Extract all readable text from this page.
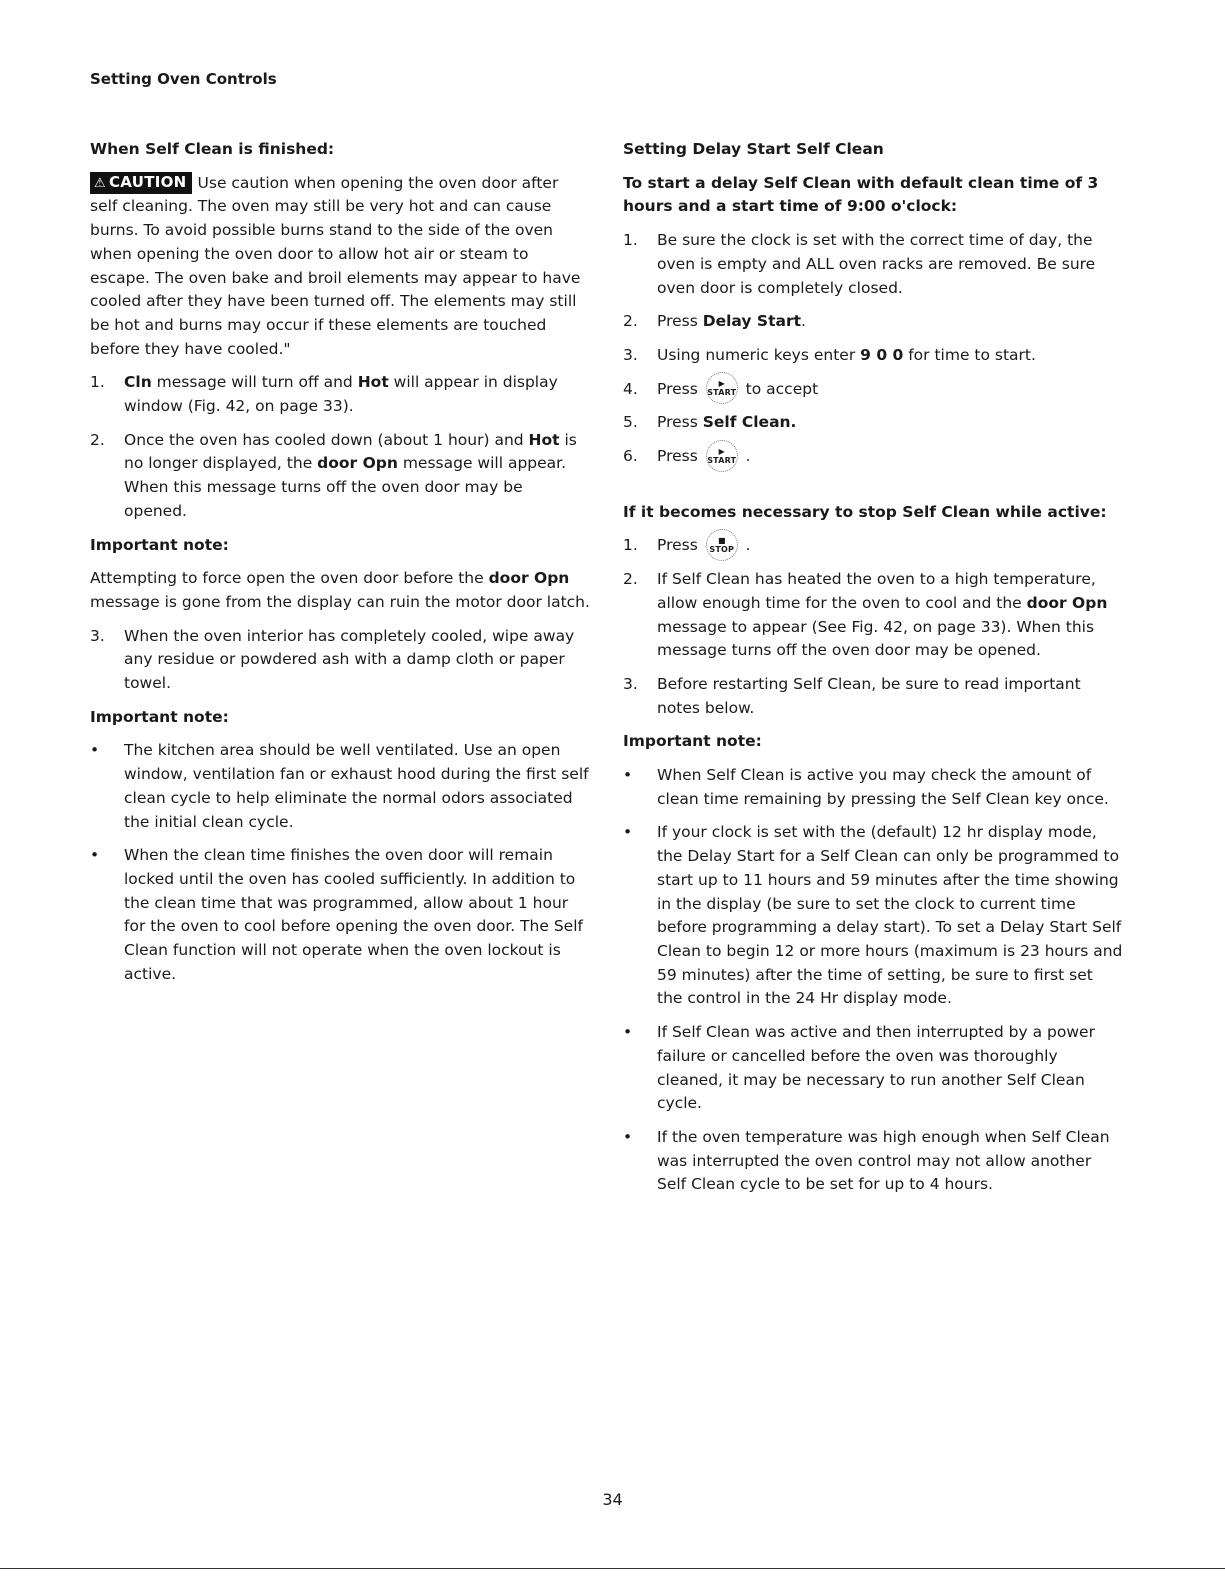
Setting Oven Controls
When Self Clean is finished:
⚠ CAUTION Use caution when opening the oven door after self cleaning. The oven may still be very hot and can cause burns. To avoid possible burns stand to the side of the oven when opening the oven door to allow hot air or steam to escape. The oven bake and broil elements may appear to have cooled after they have been turned off. The elements may still be hot and burns may occur if these elements are touched before they have cooled."
1. Cln message will turn off and Hot will appear in display window (Fig. 42, on page 33).
2. Once the oven has cooled down (about 1 hour) and Hot is no longer displayed, the door Opn message will appear. When this message turns off the oven door may be opened.
Important note:
Attempting to force open the oven door before the door Opn message is gone from the display can ruin the motor door latch.
3. When the oven interior has completely cooled, wipe away any residue or powdered ash with a damp cloth or paper towel.
Important note:
• The kitchen area should be well ventilated. Use an open window, ventilation fan or exhaust hood during the first self clean cycle to help eliminate the normal odors associated the initial clean cycle.
• When the clean time finishes the oven door will remain locked until the oven has cooled sufficiently. In addition to the clean time that was programmed, allow about 1 hour for the oven to cool before opening the oven door. The Self Clean function will not operate when the oven lockout is active.
Setting Delay Start Self Clean
To start a delay Self Clean with default clean time of 3 hours and a start time of 9:00 o'clock:
1. Be sure the clock is set with the correct time of day, the oven is empty and ALL oven racks are removed. Be sure oven door is completely closed.
2. Press Delay Start.
3. Using numeric keys enter 9 0 0 for time to start.
4. Press ▶
START to accept
5. Press Self Clean.
6. Press ▶
START .
If it becomes necessary to stop Self Clean while active:
1. Press ■
STOP .
2. If Self Clean has heated the oven to a high temperature, allow enough time for the oven to cool and the door Opn message to appear (See Fig. 42, on page 33). When this message turns off the oven door may be opened.
3. Before restarting Self Clean, be sure to read important notes below.
Important note:
• When Self Clean is active you may check the amount of clean time remaining by pressing the Self Clean key once.
• If your clock is set with the (default) 12 hr display mode, the Delay Start for a Self Clean can only be programmed to start up to 11 hours and 59 minutes after the time showing in the display (be sure to set the clock to current time before programming a delay start). To set a Delay Start Self Clean to begin 12 or more hours (maximum is 23 hours and 59 minutes) after the time of setting, be sure to first set the control in the 24 Hr display mode.
• If Self Clean was active and then interrupted by a power failure or cancelled before the oven was thoroughly cleaned, it may be necessary to run another Self Clean cycle.
• If the oven temperature was high enough when Self Clean was interrupted the oven control may not allow another Self Clean cycle to be set for up to 4 hours.
34
